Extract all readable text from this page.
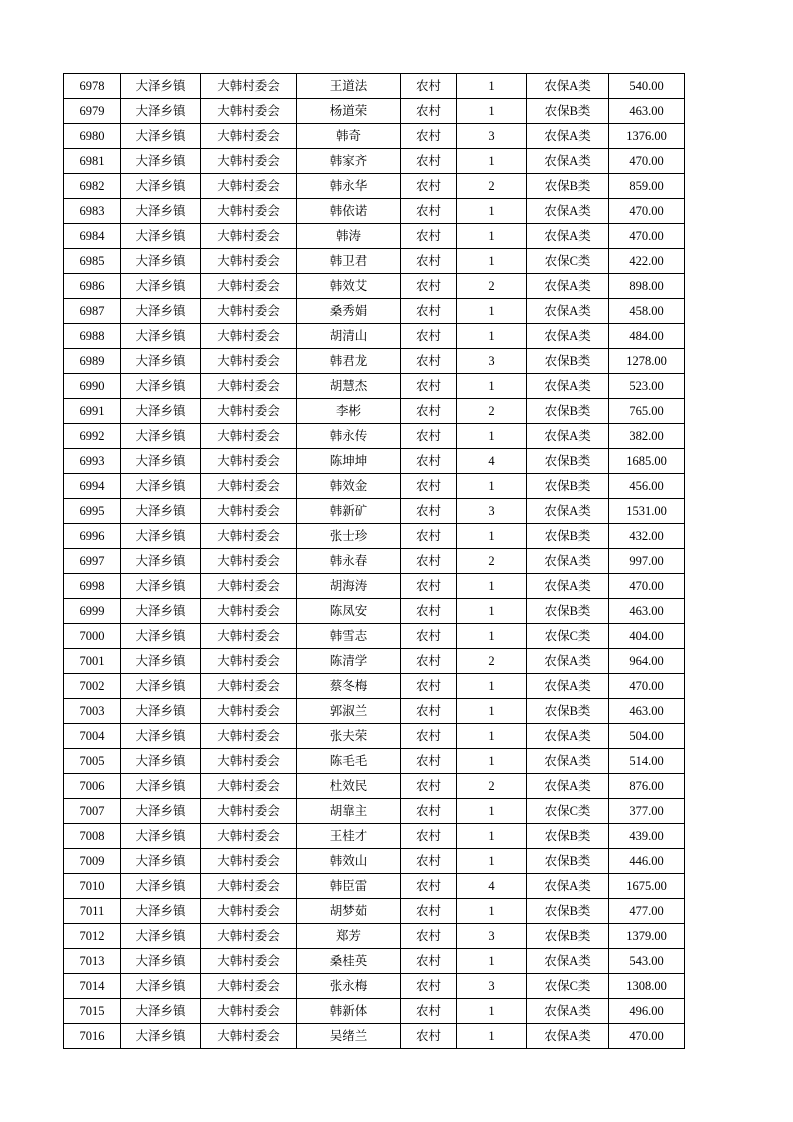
6978	大泽乡镇	大韩村委会	王道法	农村	1	农保A类	540.00
6979	大泽乡镇	大韩村委会	杨道荣	农村	1	农保B类	463.00
6980	大泽乡镇	大韩村委会	韩奇	农村	3	农保A类	1376.00
6981	大泽乡镇	大韩村委会	韩家齐	农村	1	农保A类	470.00
6982	大泽乡镇	大韩村委会	韩永华	农村	2	农保B类	859.00
6983	大泽乡镇	大韩村委会	韩依诺	农村	1	农保A类	470.00
6984	大泽乡镇	大韩村委会	韩涛	农村	1	农保A类	470.00
6985	大泽乡镇	大韩村委会	韩卫君	农村	1	农保C类	422.00
6986	大泽乡镇	大韩村委会	韩效艾	农村	2	农保A类	898.00
6987	大泽乡镇	大韩村委会	桑秀娟	农村	1	农保A类	458.00
6988	大泽乡镇	大韩村委会	胡清山	农村	1	农保A类	484.00
6989	大泽乡镇	大韩村委会	韩君龙	农村	3	农保B类	1278.00
6990	大泽乡镇	大韩村委会	胡慧杰	农村	1	农保A类	523.00
6991	大泽乡镇	大韩村委会	李彬	农村	2	农保B类	765.00
6992	大泽乡镇	大韩村委会	韩永传	农村	1	农保A类	382.00
6993	大泽乡镇	大韩村委会	陈坤坤	农村	4	农保B类	1685.00
6994	大泽乡镇	大韩村委会	韩效金	农村	1	农保B类	456.00
6995	大泽乡镇	大韩村委会	韩新矿	农村	3	农保A类	1531.00
6996	大泽乡镇	大韩村委会	张士珍	农村	1	农保B类	432.00
6997	大泽乡镇	大韩村委会	韩永春	农村	2	农保A类	997.00
6998	大泽乡镇	大韩村委会	胡海涛	农村	1	农保A类	470.00
6999	大泽乡镇	大韩村委会	陈凤安	农村	1	农保B类	463.00
7000	大泽乡镇	大韩村委会	韩雪志	农村	1	农保C类	404.00
7001	大泽乡镇	大韩村委会	陈清学	农村	2	农保A类	964.00
7002	大泽乡镇	大韩村委会	蔡冬梅	农村	1	农保A类	470.00
7003	大泽乡镇	大韩村委会	郭淑兰	农村	1	农保B类	463.00
7004	大泽乡镇	大韩村委会	张夫荣	农村	1	农保A类	504.00
7005	大泽乡镇	大韩村委会	陈毛毛	农村	1	农保A类	514.00
7006	大泽乡镇	大韩村委会	杜效民	农村	2	农保A类	876.00
7007	大泽乡镇	大韩村委会	胡靠主	农村	1	农保C类	377.00
7008	大泽乡镇	大韩村委会	王桂才	农村	1	农保B类	439.00
7009	大泽乡镇	大韩村委会	韩效山	农村	1	农保B类	446.00
7010	大泽乡镇	大韩村委会	韩臣雷	农村	4	农保A类	1675.00
7011	大泽乡镇	大韩村委会	胡梦茹	农村	1	农保B类	477.00
7012	大泽乡镇	大韩村委会	郑芳	农村	3	农保B类	1379.00
7013	大泽乡镇	大韩村委会	桑桂英	农村	1	农保A类	543.00
7014	大泽乡镇	大韩村委会	张永梅	农村	3	农保C类	1308.00
7015	大泽乡镇	大韩村委会	韩新体	农村	1	农保A类	496.00
7016	大泽乡镇	大韩村委会	吴绪兰	农村	1	农保A类	470.00
